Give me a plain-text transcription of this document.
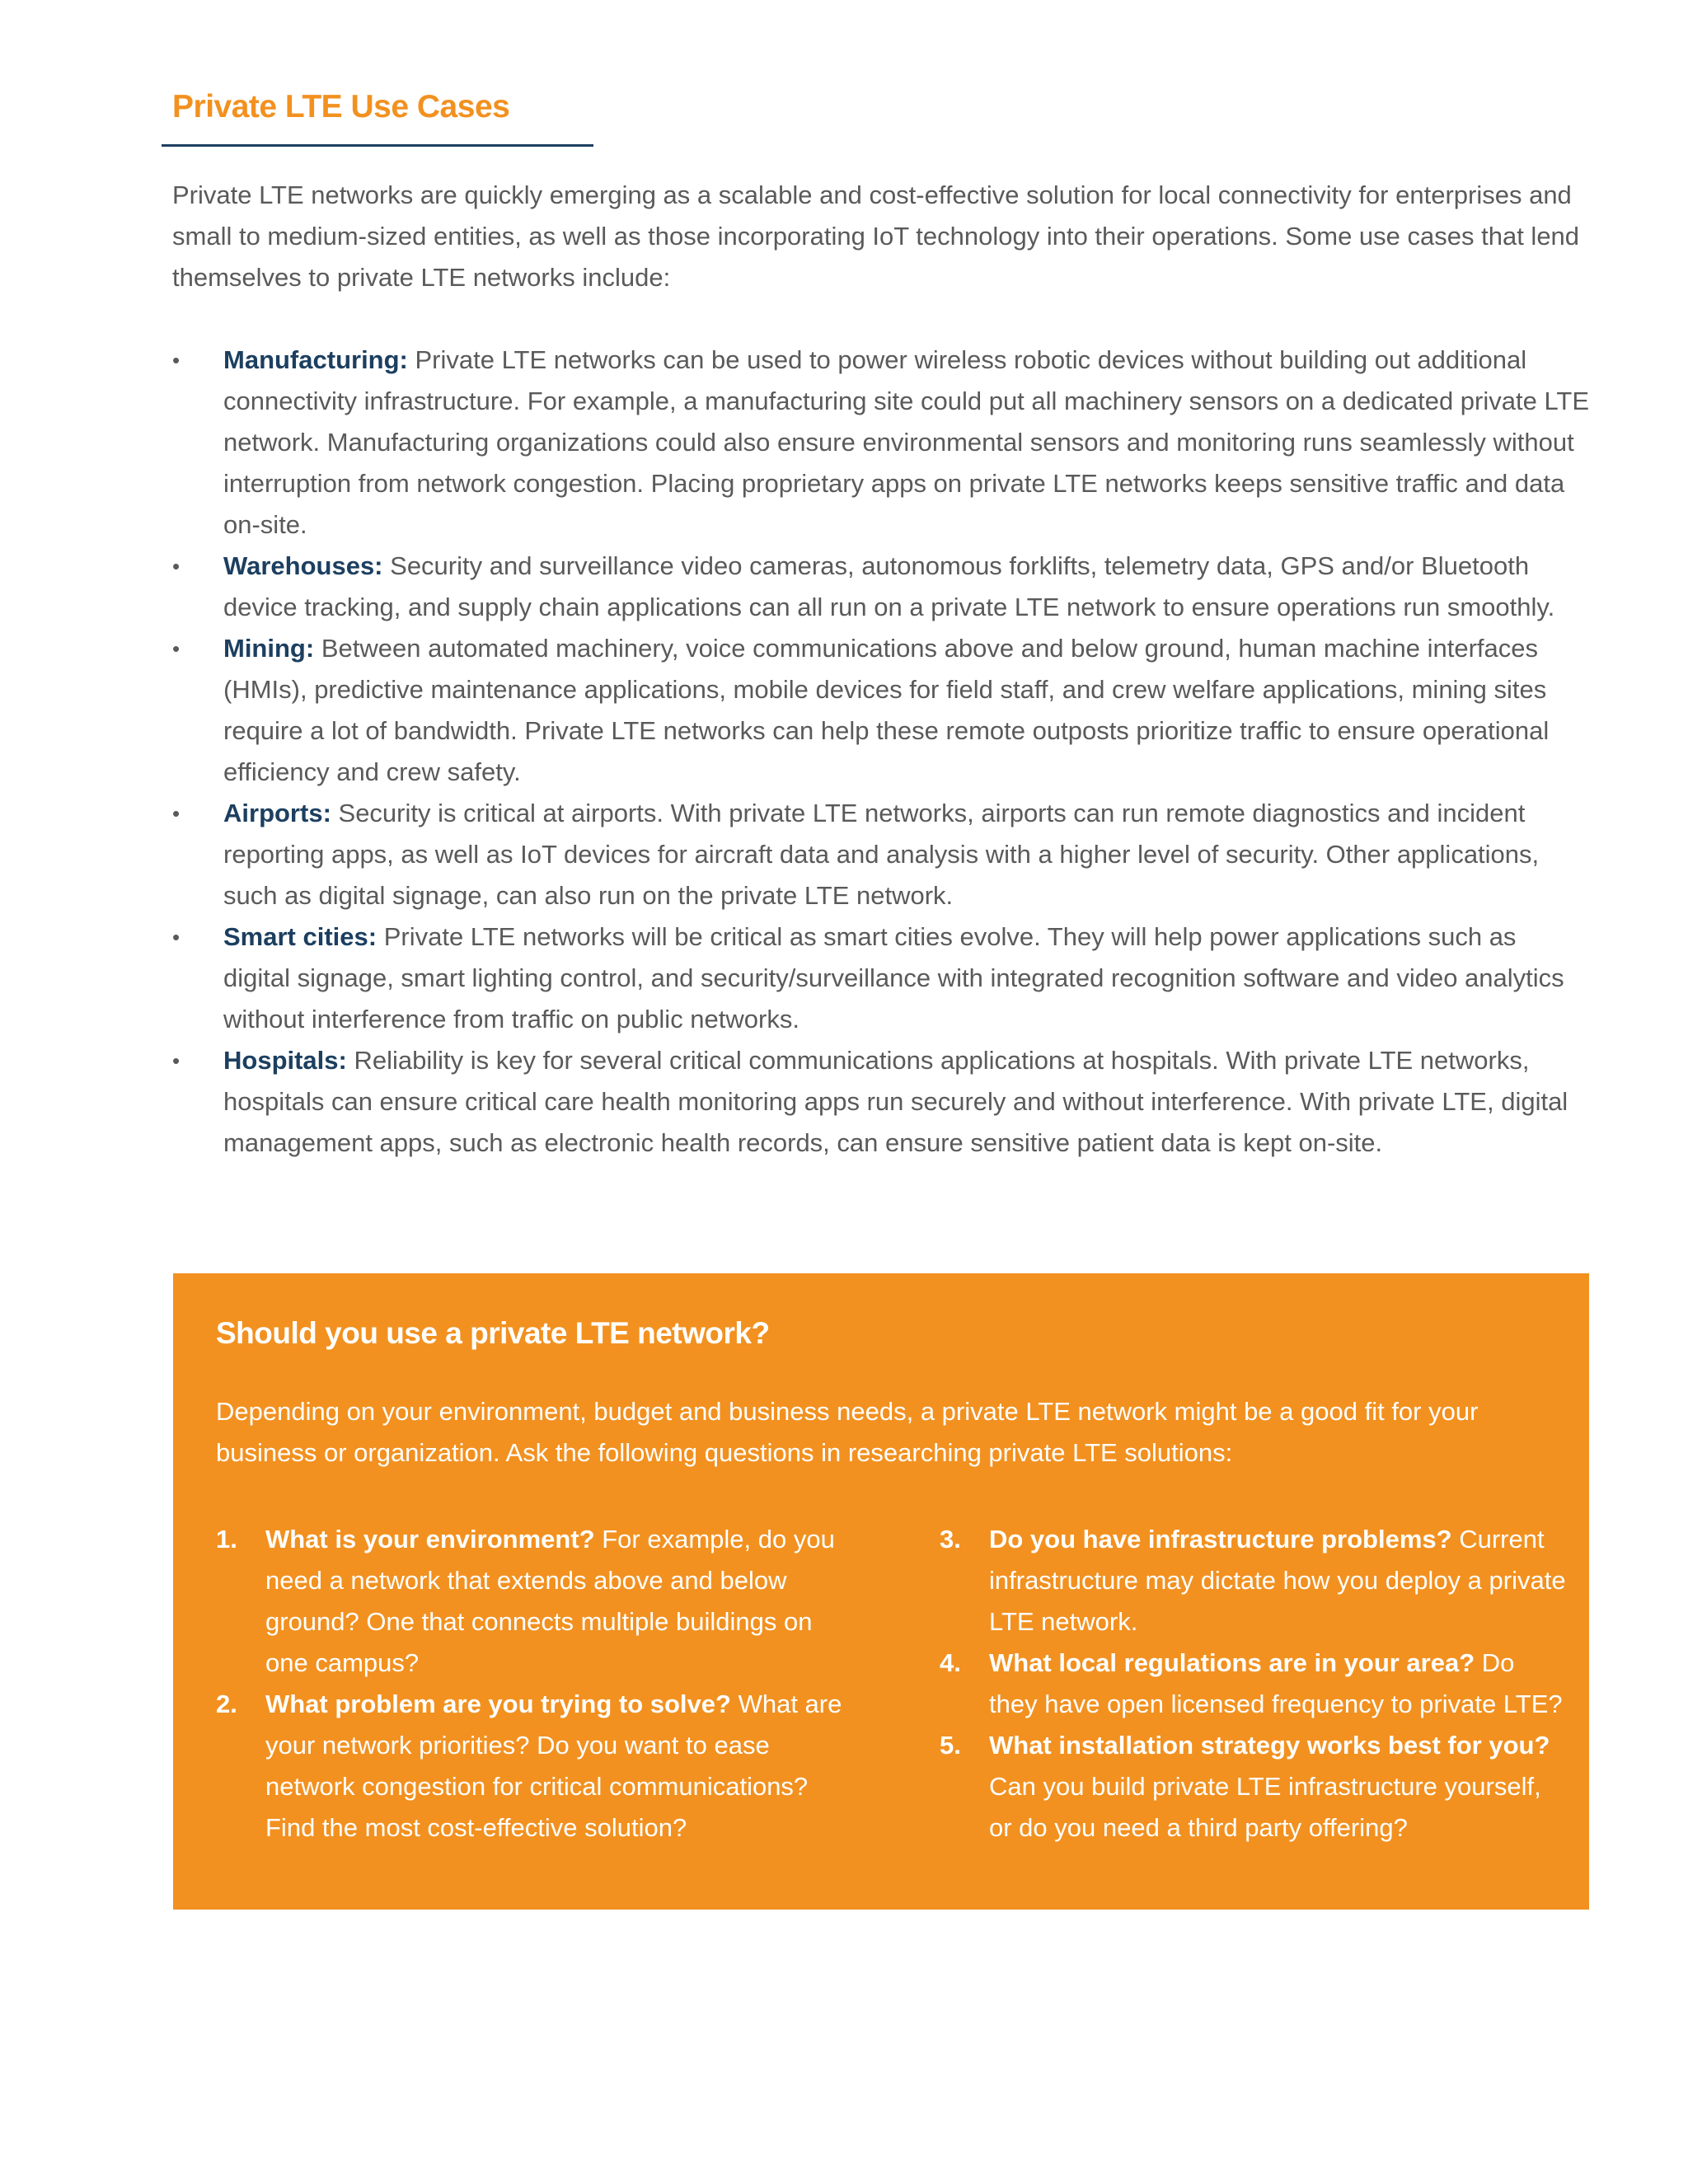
Private LTE Use Cases

Private LTE networks are quickly emerging as a scalable and cost-effective solution for local connectivity for enterprises and small to medium-sized entities, as well as those incorporating IoT technology into their operations. Some use cases that lend themselves to private LTE networks include:

•	Manufacturing: Private LTE networks can be used to power wireless robotic devices without building out additional connectivity infrastructure. For example, a manufacturing site could put all machinery sensors on a dedicated private LTE network. Manufacturing organizations could also ensure environmental sensors and monitoring runs seamlessly without interruption from network congestion. Placing proprietary apps on private LTE networks keeps sensitive traffic and data on-site.
•	Warehouses: Security and surveillance video cameras, autonomous forklifts, telemetry data, GPS and/or Bluetooth device tracking, and supply chain applications can all run on a private LTE network to ensure operations run smoothly.
•	Mining: Between automated machinery, voice communications above and below ground, human machine interfaces (HMIs), predictive maintenance applications, mobile devices for field staff, and crew welfare applications, mining sites require a lot of bandwidth. Private LTE networks can help these remote outposts prioritize traffic to ensure operational efficiency and crew safety.
•	Airports: Security is critical at airports. With private LTE networks, airports can run remote diagnostics and incident reporting apps, as well as IoT devices for aircraft data and analysis with a higher level of security. Other applications, such as digital signage, can also run on the private LTE network.
•	Smart cities: Private LTE networks will be critical as smart cities evolve. They will help power applications such as digital signage, smart lighting control, and security/surveillance with integrated recognition software and video analytics without interference from traffic on public networks.
•	Hospitals: Reliability is key for several critical communications applications at hospitals. With private LTE networks, hospitals can ensure critical care health monitoring apps run securely and without interference. With private LTE, digital management apps, such as electronic health records, can ensure sensitive patient data is kept on-site.
Should you use a private LTE network?

Depending on your environment, budget and business needs, a private LTE network might be a good fit for your business or organization. Ask the following questions in researching private LTE solutions:

1. What is your environment? For example, do you need a network that extends above and below ground? One that connects multiple buildings on one campus?
2. What problem are you trying to solve? What are your network priorities? Do you want to ease network congestion for critical communications? Find the most cost-effective solution?
3. Do you have infrastructure problems? Current infrastructure may dictate how you deploy a private LTE network.
4. What local regulations are in your area? Do they have open licensed frequency to private LTE?
5. What installation strategy works best for you? Can you build private LTE infrastructure yourself, or do you need a third party offering?
